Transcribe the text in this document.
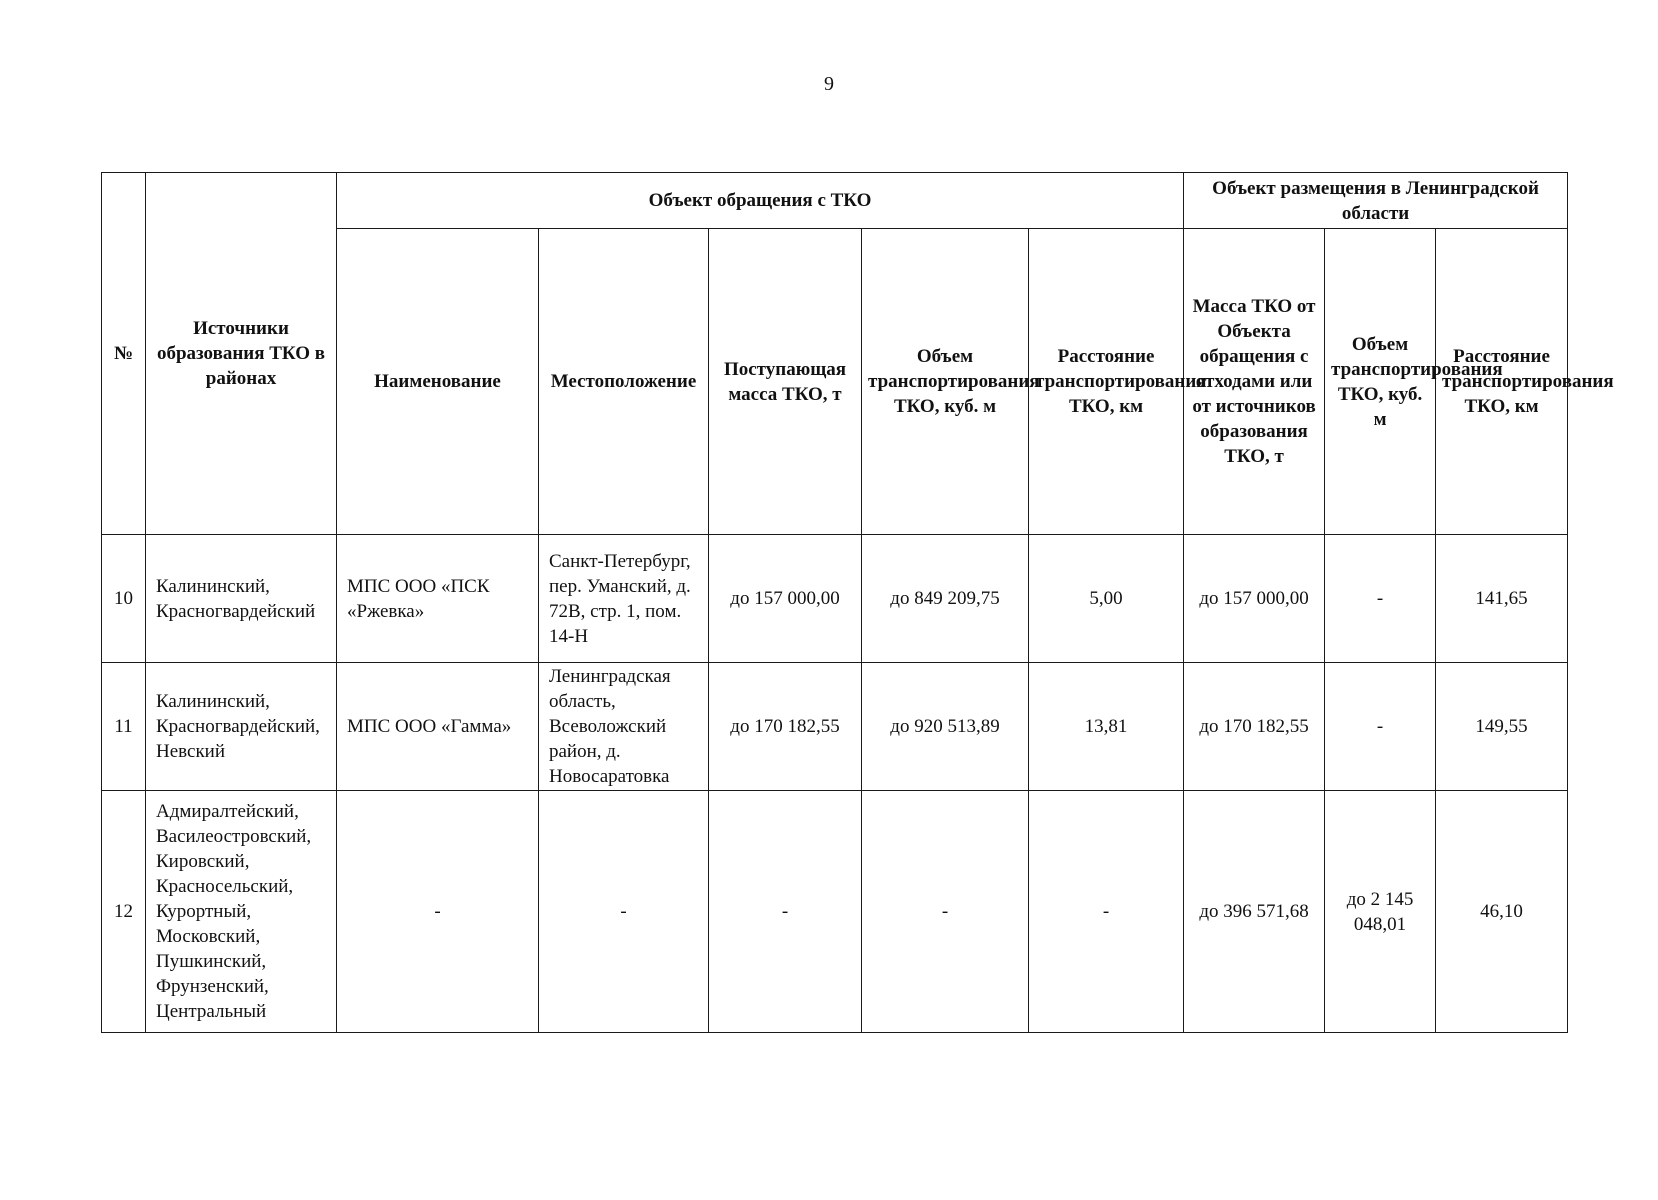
9
№	Источники образования ТКО в районах	Объект обращения с ТКО					Объект размещения в Ленинградской области		
		Наименование	Местоположение	Поступающая масса ТКО, т	Объем транспортирования ТКО, куб. м	Расстояние транспортирования ТКО, км	Масса ТКО от Объекта обращения с отходами или от источников образования ТКО, т	Объем транспортирования ТКО, куб. м	Расстояние транспортирования ТКО, км
10	Калининский, Красногвардейский	МПС ООО «ПСК «Ржевка»	Санкт-Петербург, пер. Уманский, д. 72В, стр. 1, пом. 14-Н	до 157 000,00	до 849 209,75	5,00	до 157 000,00	-	141,65
11	Калининский, Красногвардейский, Невский	МПС ООО «Гамма»	Ленинградская область, Всеволожский район, д. Новосаратовка	до 170 182,55	до 920 513,89	13,81	до 170 182,55	-	149,55
12	Адмиралтейский, Василеостровский, Кировский, Красносельский, Курортный, Московский, Пушкинский, Фрунзенский, Центральный	-	-	-	-	-	до 396 571,68	до 2 145 048,01	46,10
